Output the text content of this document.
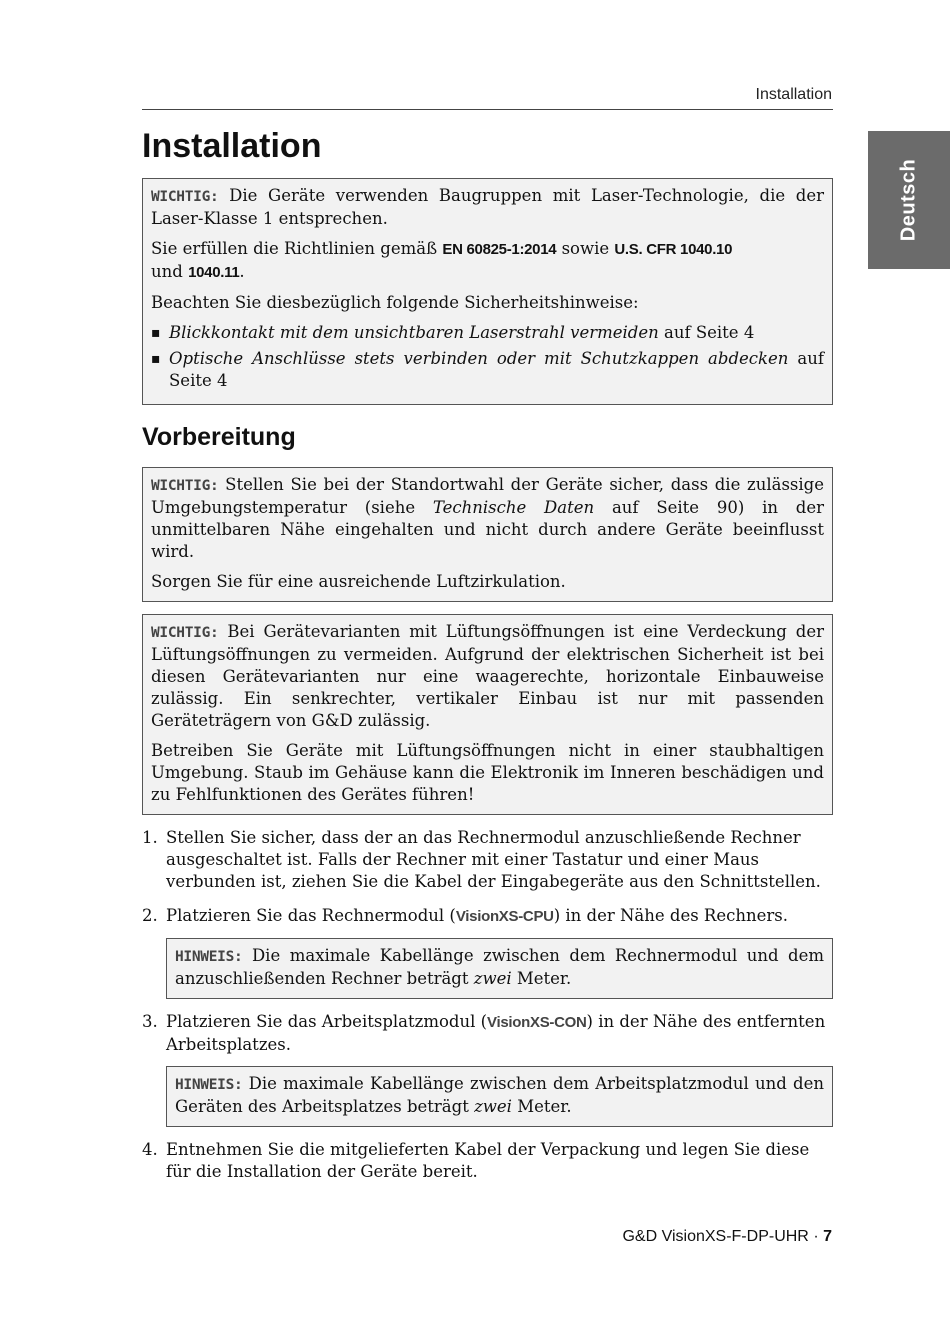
Installation
Deutsch
Installation

WICHTIG: Die Geräte verwenden Baugruppen mit Laser-Technologie, die der Laser-Klasse 1 entsprechen.

Sie erfüllen die Richtlinien gemäß EN 60825-1:2014 sowie U.S. CFR 1040.10
und 1040.11.

Beachten Sie diesbezüglich folgende Sicherheitshinweise:

▪ Blickkontakt mit dem unsichtbaren Laserstrahl vermeiden auf Seite 4
▪ Optische Anschlüsse stets verbinden oder mit Schutzkappen abdecken auf Seite 4
Vorbereitung

WICHTIG: Stellen Sie bei der Standortwahl der Geräte sicher, dass die zulässige Umgebungstemperatur (siehe Technische Daten auf Seite 90) in der unmittelbaren Nähe eingehalten und nicht durch andere Geräte beeinflusst wird.

Sorgen Sie für eine ausreichende Luftzirkulation.

WICHTIG: Bei Gerätevarianten mit Lüftungsöffnungen ist eine Verdeckung der Lüftungsöffnungen zu vermeiden. Aufgrund der elektrischen Sicherheit ist bei diesen Gerätevarianten nur eine waagerechte, horizontale Einbauweise zulässig. Ein senkrechter, vertikaler Einbau ist nur mit passenden Geräteträgern von G&D zulässig.

Betreiben Sie Geräte mit Lüftungsöffnungen nicht in einer staubhaltigen Umgebung. Staub im Gehäuse kann die Elektronik im Inneren beschädigen und zu Fehlfunktionen des Gerätes führen!

1. Stellen Sie sicher, dass der an das Rechnermodul anzuschließende Rechner ausgeschaltet ist. Falls der Rechner mit einer Tastatur und einer Maus verbunden ist, ziehen Sie die Kabel der Eingabegeräte aus den Schnittstellen.
2. Platzieren Sie das Rechnermodul (VisionXS-CPU) in der Nähe des Rechners.
HINWEIS: Die maximale Kabellänge zwischen dem Rechnermodul und dem anzuschließenden Rechner beträgt zwei Meter.
3. Platzieren Sie das Arbeitsplatzmodul (VisionXS-CON) in der Nähe des entfernten Arbeitsplatzes.
HINWEIS: Die maximale Kabellänge zwischen dem Arbeitsplatzmodul und den Geräten des Arbeitsplatzes beträgt zwei Meter.
4. Entnehmen Sie die mitgelieferten Kabel der Verpackung und legen Sie diese für die Installation der Geräte bereit.
G&D VisionXS-F-DP-UHR · 7
